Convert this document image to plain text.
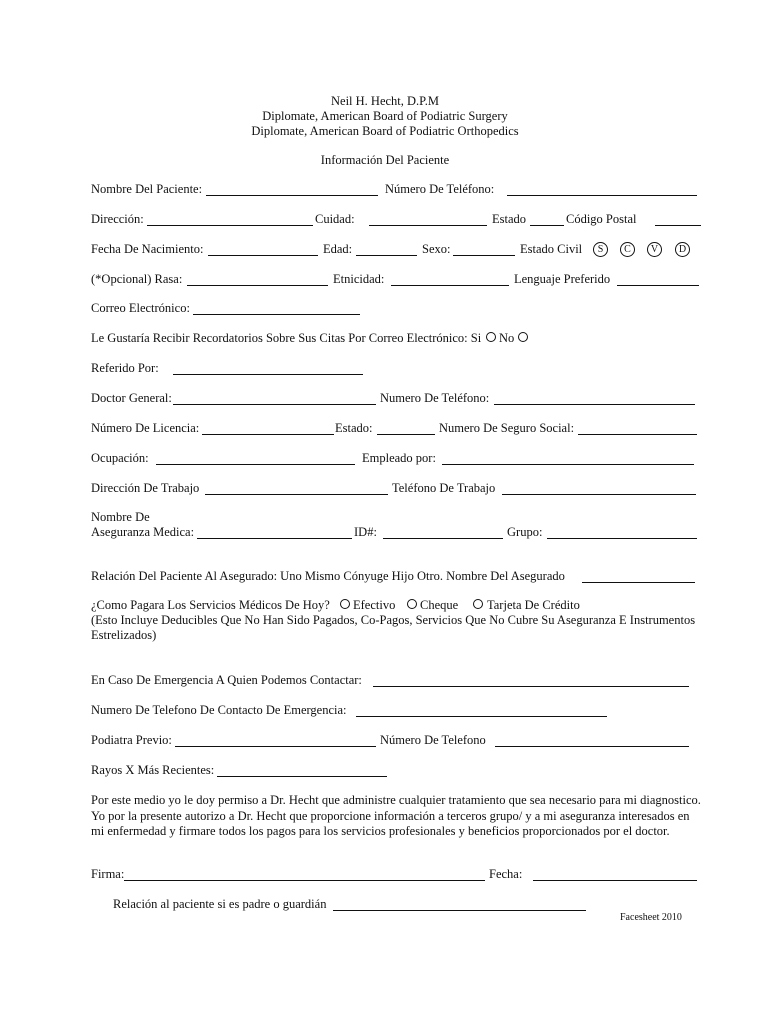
Neil H. Hecht, D.P.M
Diplomate, American Board of Podiatric Surgery
Diplomate, American Board of Podiatric Orthopedics
Información Del Paciente
Nombre Del Paciente:	Número De Teléfono:
Dirección:	Cuidad:	Estado	Código Postal
Fecha De Nacimiento:	Edad:	Sexo:	Estado Civil	S	C	V	D
(*Opcional) Rasa:	Etnicidad:	Lenguaje Preferido
Correo Electrónico:
Le Gustaría Recibir Recordatorios Sobre Sus Citas Por Correo Electrónico: Si No
Referido Por:
Doctor General:	Numero De Teléfono:
Número De Licencia:	Estado:	Numero De Seguro Social:
Ocupación:	Empleado por:
Dirección De Trabajo	Teléfono De Trabajo
Nombre De
Aseguranza Medica:	ID#:	Grupo:
Relación Del Paciente Al Asegurado: Uno Mismo Cónyuge Hijo Otro. Nombre Del Asegurado
¿Como Pagara Los Servicios Médicos De Hoy? Efectivo Cheque Tarjeta De Crédito
(Esto Incluye Deducibles Que No Han Sido Pagados, Co-Pagos, Servicios Que No Cubre Su Aseguranza E Instrumentos
Estrelizados)
En Caso De Emergencia A Quien Podemos Contactar:
Numero De Telefono De Contacto De Emergencia:
Podiatra Previo:	Número De Telefono
Rayos X Más Recientes:
Por este medio yo le doy permiso a Dr. Hecht que administre cualquier tratamiento que sea necesario para mi diagnostico. Yo por la presente autorizo a Dr. Hecht que proporcione información a terceros grupo/ y a mi aseguranza interesados en mi enfermedad y firmare todos los pagos para los servicios profesionales y beneficios proporcionados por el doctor.
Firma:	Fecha:
Relación al paciente si es padre o guardián
Facesheet 2010
